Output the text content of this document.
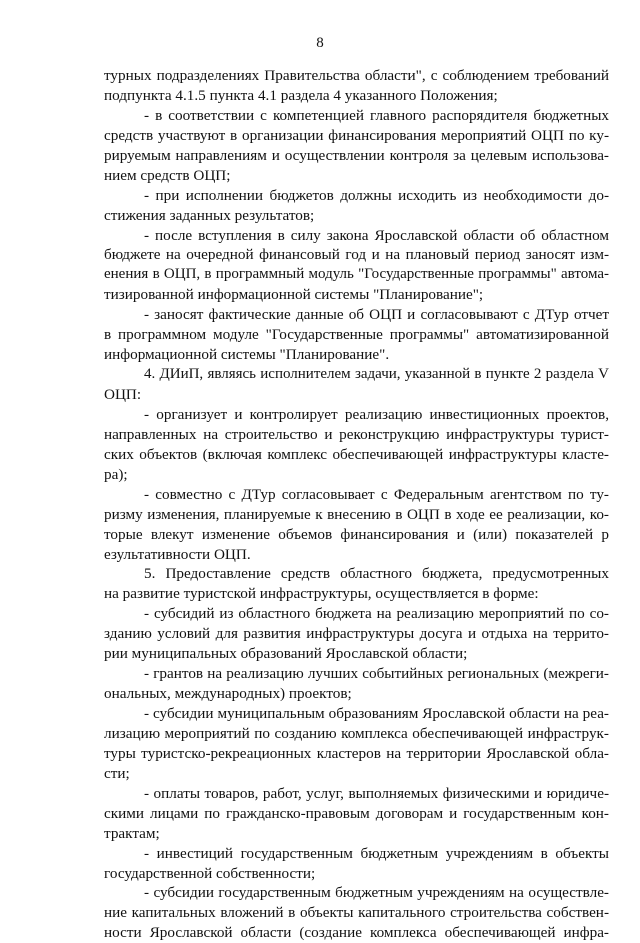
8
турных подразделениях Правительства области", с соблюдением требований
подпункта 4.1.5 пункта 4.1 раздела 4 указанного Положения;
- в соответствии с компетенцией главного распорядителя бюджетных
средств участвуют в организации финансирования мероприятий ОЦП по ку-
рируемым направлениям и осуществлении контроля за целевым использова-
нием средств ОЦП;
- при исполнении бюджетов должны исходить из необходимости до-
стижения заданных результатов;
- после вступления в силу закона Ярославской области об областном
бюджете на очередной финансовый год и на плановый период заносят изм-
енения в ОЦП, в программный модуль "Государственные программы" автома-
тизированной информационной системы "Планирование";
- заносят фактические данные об ОЦП и согласовывают с ДТур отчет
в программном модуле "Государственные программы" автоматизированной
информационной системы "Планирование".
4. ДИиП, являясь исполнителем задачи, указанной в пункте 2 раздела V
ОЦП:
- организует и контролирует реализацию инвестиционных проектов,
направленных на строительство и реконструкцию инфраструктуры турист-
ских объектов (включая комплекс обеспечивающей инфраструктуры класте-
ра);
- совместно с ДТур согласовывает с Федеральным агентством по ту-
ризму изменения, планируемые к внесению в ОЦП в ходе ее реализации, ко-
торые влекут изменение объемов финансирования и (или) показателей р
езультативности ОЦП.
5. Предоставление средств областного бюджета, предусмотренных
на развитие туристской инфраструктуры, осуществляется в форме:
- субсидий из областного бюджета на реализацию мероприятий по со-
зданию условий для развития инфраструктуры досуга и отдыха на террито-
рии муниципальных образований Ярославской области;
- грантов на реализацию лучших событийных региональных (межреги-
ональных, международных) проектов;
- субсидии муниципальным образованиям Ярославской области на реа-
лизацию мероприятий по созданию комплекса обеспечивающей инфраструк-
туры туристско-рекреационных кластеров на территории Ярославской обла-
сти;
- оплаты товаров, работ, услуг, выполняемых физическими и юридиче-
скими лицами по гражданско-правовым договорам и государственным кон-
трактам;
- инвестиций государственным бюджетным учреждениям в объекты
государственной собственности;
- субсидии государственным бюджетным учреждениям на осуществле-
ние капитальных вложений в объекты капитального строительства собствен-
ности Ярославской области (создание комплекса обеспечивающей инфра-
